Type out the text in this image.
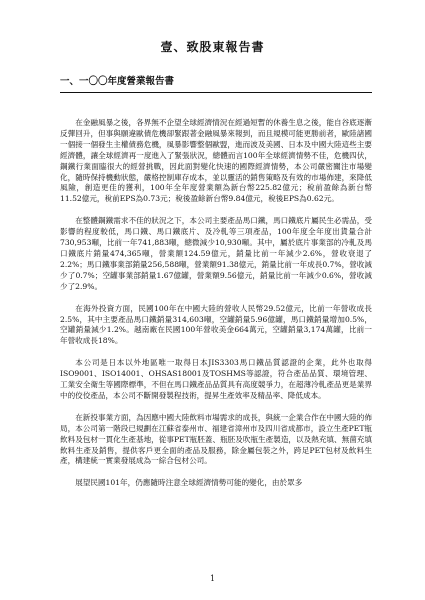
壹、致股東報告書
一、一〇〇年度營業報告書

在金融風暴之後，各界無不企望全球經濟情況在經過短暫的休養生息之後，能自谷底逐漸反彈回升，但事與願違歐債危機卻緊跟著金融風暴來報到，而且規模可能更勝前者，歐陸諸國一個接一個發生主權債務危機，風暴影響整個歐盟，進而波及美國、日本及中國大陸這些主要經濟體，讓全球經濟再一度進入了緊張狀況，總體而言100年全球經濟情勢不佳，危機四伏，鋼鐵行業面臨很大的經營挑戰，因此面對變化快速的國際經濟情勢，本公司嚴密關注市場變化，隨時保持機動狀態，嚴格控制庫存成本，並以靈活的銷售策略及有效的市場佈建，來降低風險，創造更佳的獲利，100年全年度營業額為新台幣225.82億元；稅前盈餘為新台幣11.52億元，稅前EPS為0.73元；稅後盈餘新台幣9.84億元，稅後EPS為0.62元。

在整體鋼鐵需求不佳的狀況之下，本公司主要產品馬口鐵，馬口鐵底片屬民生必需品，受影響的程度較低，馬口鐵、馬口鐵底片、及冷軋等三項產品，100年度全年度出貨量合計730,953噸，比前一年741,883噸，總微減少10,930噸。其中，屬於底片事業部的冷軋及馬口鐵底片銷量474,365噸，營業額124.59億元，銷量比前一年減少2.6%，營收衰退了2.2%；馬口鐵事業部銷量256,588噸，營業額91.38億元，銷量比前一年成長0.7%，營收減少了0.7%；空罐事業部銷量1.67億罐，營業額9.56億元，銷量比前一年減少0.6%，營收減少了2.9%。

在海外投資方面，民國100年在中國大陸的營收人民幣29.52億元，比前一年營收成長2.5%，其中主要產品馬口鐵銷量314,603噸，空罐銷量5.96億罐，馬口鐵銷量增加0.5%，空罐銷量減少1.2%。越南廠在民國100年營收美金664萬元，空罐銷量3,174萬罐，比前一年營收成長18%。

本公司是日本以外地區唯一取得日本JIS3303馬口鐵品質認證的企業，此外也取得ISO9001、ISO14001、OHSAS18001及TOSHMS等認證，符合產品品質、環境管理、工業安全衛生等國際標準，不但在馬口鐵產品品質具有高度競爭力，在超薄冷軋產品更是業界中的佼佼產品，本公司不斷開發製程技術，提昇生產效率及精品率、降低成本。

在新投事業方面，為因應中國大陸飲料市場需求的成長，與統一企業合作在中國大陸的佈局，本公司第一階段已規劃在江蘇省泰州市、福建省漳州市及四川省成都市，設立生產PET瓶飲料及包材一貫化生產基地，從事PET瓶胚蓋、瓶胚及吹瓶生產製造，以及熱充填、無菌充填飲料生產及銷售，提供客戶更全面的產品及服務，除金屬包裝之外，跨足PET包材及飲料生產，構建統一實業發展成為一綜合包材公司。

展望民國101年，仍應隨時注意全球經濟情勢可能的變化，由於眾多

1
